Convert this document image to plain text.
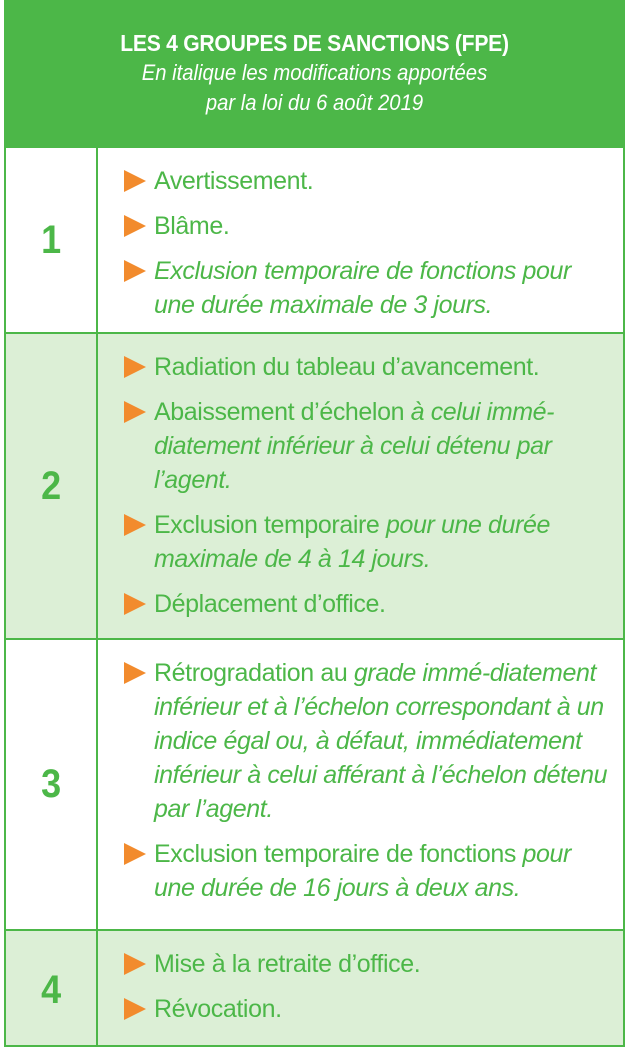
LES 4 GROUPES DE SANCTIONS (FPE)
En italique les modifications apportées
par la loi du 6 août 2019
1
Avertissement.
Blâme.
Exclusion temporaire de fonctions pour une durée maximale de 3 jours.
2
Radiation du tableau d’avancement.
Abaissement d’échelon à celui immé-diatement inférieur à celui détenu par l’agent.
Exclusion temporaire pour une durée maximale de 4 à 14 jours.
Déplacement d’office.
3
Rétrogradation au grade immé-diatement inférieur et à l’échelon correspondant à un indice égal ou, à défaut, immédiatement inférieur à celui afférant à l’échelon détenu par l’agent.
Exclusion temporaire de fonctions pour une durée de 16 jours à deux ans.
4
Mise à la retraite d’office.
Révocation.
